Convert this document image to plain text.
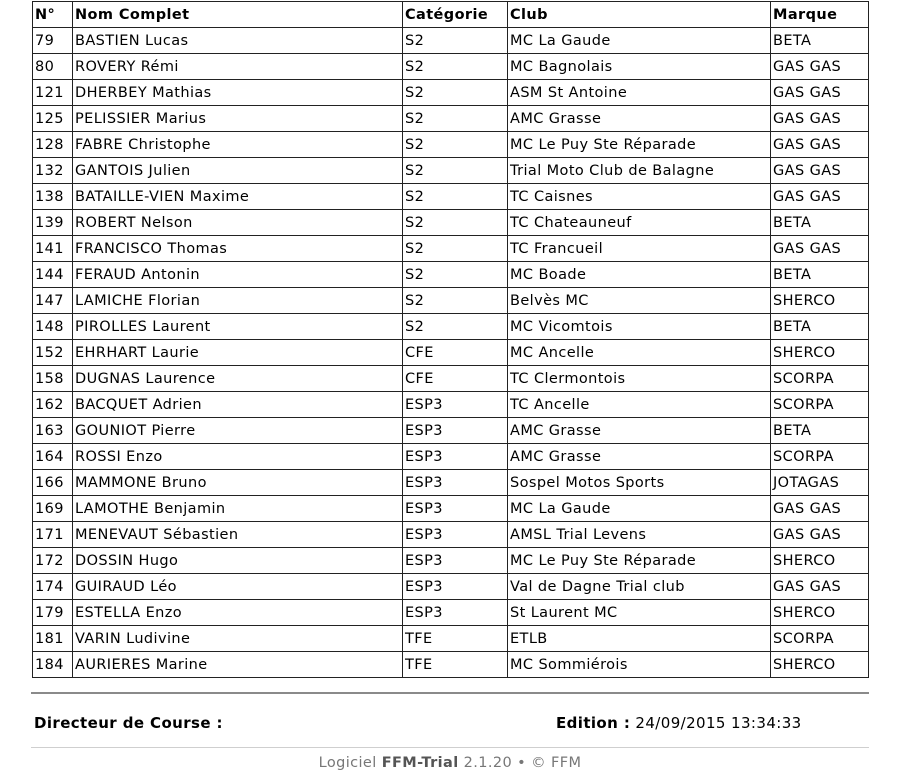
N°	Nom Complet	Catégorie	Club	Marque
79	BASTIEN Lucas	S2	MC La Gaude	BETA
80	ROVERY Rémi	S2	MC Bagnolais	GAS GAS
121	DHERBEY Mathias	S2	ASM St Antoine	GAS GAS
125	PELISSIER Marius	S2	AMC Grasse	GAS GAS
128	FABRE Christophe	S2	MC Le Puy Ste Réparade	GAS GAS
132	GANTOIS Julien	S2	Trial Moto Club de Balagne	GAS GAS
138	BATAILLE-VIEN Maxime	S2	TC Caisnes	GAS GAS
139	ROBERT Nelson	S2	TC Chateauneuf	BETA
141	FRANCISCO Thomas	S2	TC Francueil	GAS GAS
144	FERAUD Antonin	S2	MC Boade	BETA
147	LAMICHE Florian	S2	Belvès MC	SHERCO
148	PIROLLES Laurent	S2	MC Vicomtois	BETA
152	EHRHART Laurie	CFE	MC Ancelle	SHERCO
158	DUGNAS Laurence	CFE	TC Clermontois	SCORPA
162	BACQUET Adrien	ESP3	TC Ancelle	SCORPA
163	GOUNIOT Pierre	ESP3	AMC Grasse	BETA
164	ROSSI Enzo	ESP3	AMC Grasse	SCORPA
166	MAMMONE Bruno	ESP3	Sospel Motos Sports	JOTAGAS
169	LAMOTHE Benjamin	ESP3	MC La Gaude	GAS GAS
171	MENEVAUT Sébastien	ESP3	AMSL Trial Levens	GAS GAS
172	DOSSIN Hugo	ESP3	MC Le Puy Ste Réparade	SHERCO
174	GUIRAUD Léo	ESP3	Val de Dagne Trial club	GAS GAS
179	ESTELLA Enzo	ESP3	St Laurent MC	SHERCO
181	VARIN Ludivine	TFE	ETLB	SCORPA
184	AURIERES Marine	TFE	MC Sommiérois	SHERCO
Directeur de Course :	Edition : 24/09/2015 13:34:33
Logiciel FFM-Trial 2.1.20 • © FFM
